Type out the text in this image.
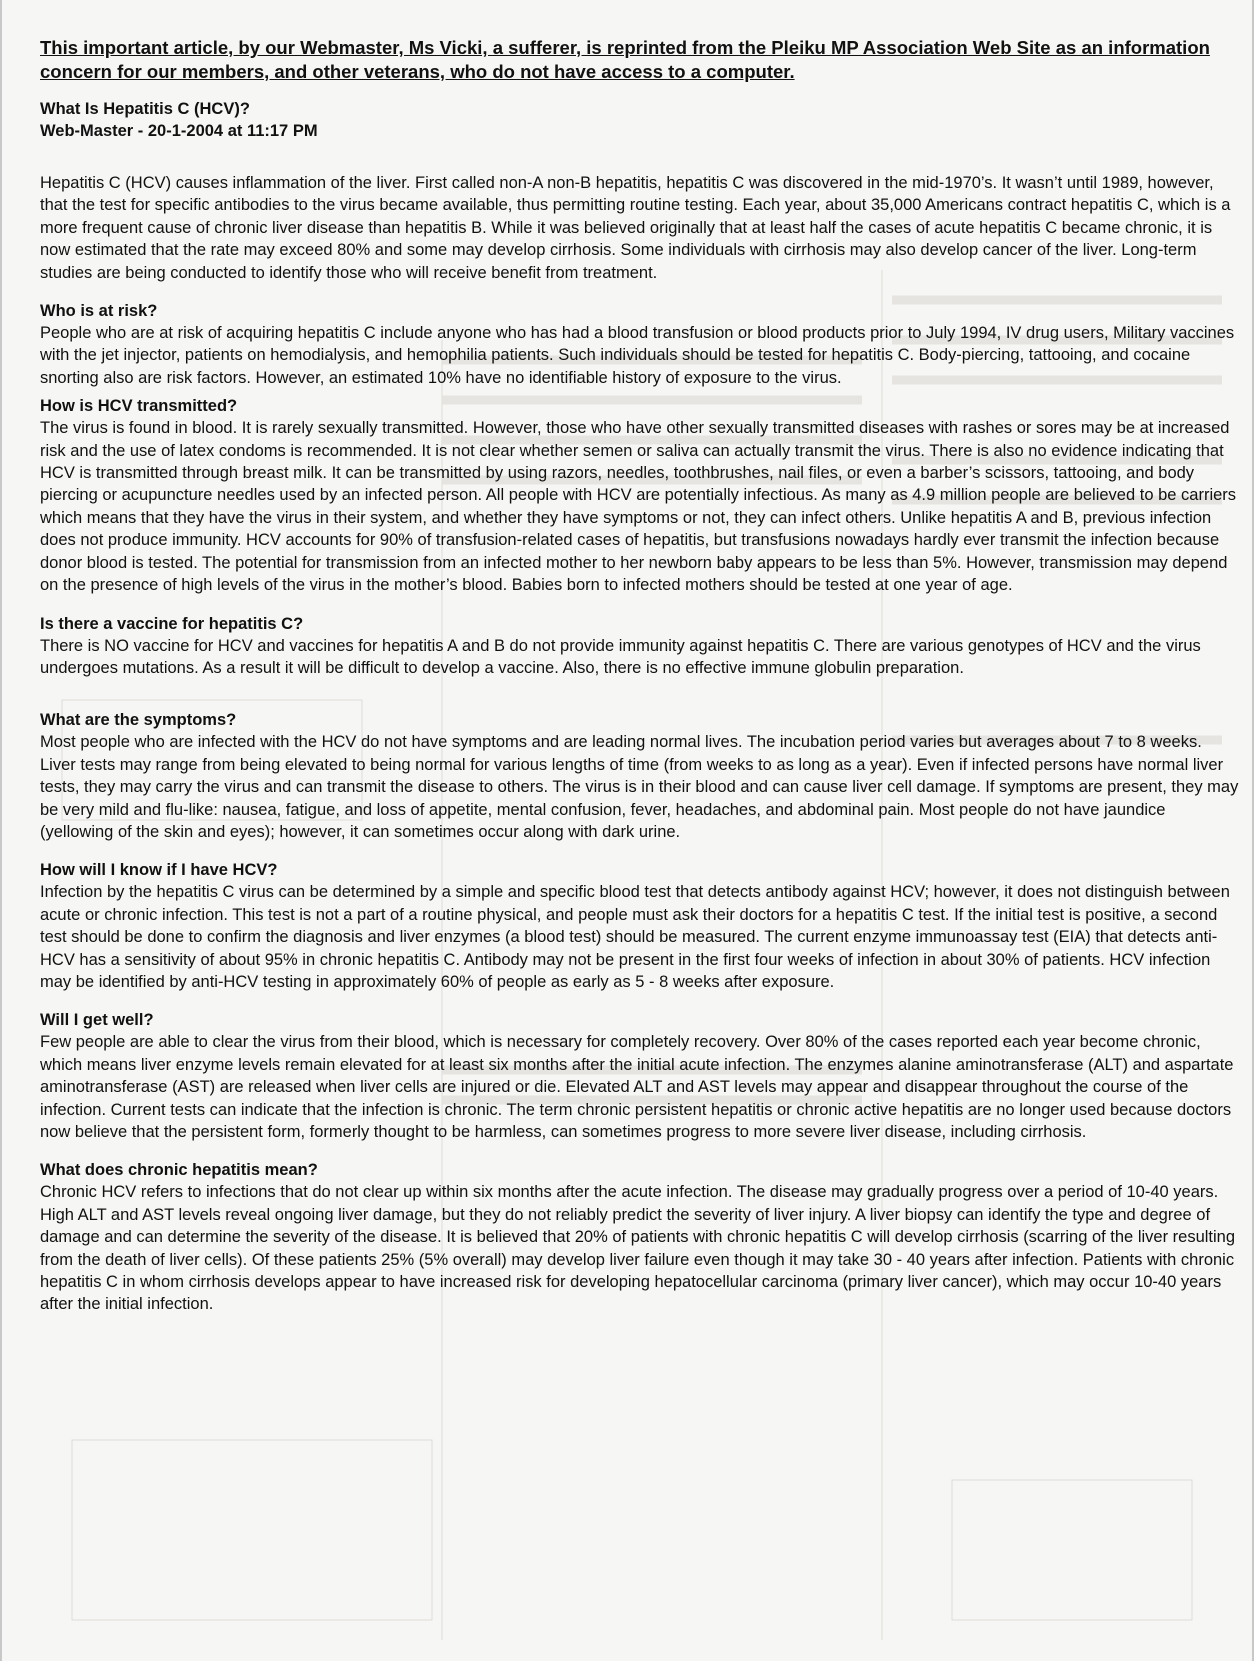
This important article, by our Webmaster, Ms Vicki, a sufferer, is reprinted from the Pleiku MP Association Web Site as an information concern for our members, and other veterans, who do not have access to a computer.

What Is Hepatitis C (HCV)?

Web-Master - 20-1-2004 at 11:17 PM

Hepatitis C (HCV) causes inflammation of the liver. First called non-A non-B hepatitis, hepatitis C was discovered in the mid-1970’s. It wasn’t until 1989, however, that the test for specific antibodies to the virus became available, thus permitting routine testing. Each year, about 35,000 Americans contract hepatitis C, which is a more frequent cause of chronic liver disease than hepatitis B. While it was believed originally that at least half the cases of acute hepatitis C became chronic, it is now estimated that the rate may exceed 80% and some may develop cirrhosis. Some individuals with cirrhosis may also develop cancer of the liver. Long-term studies are being conducted to identify those who will receive benefit from treatment.

Who is at risk?

People who are at risk of acquiring hepatitis C include anyone who has had a blood transfusion or blood products prior to July 1994, IV drug users, Military vaccines with the jet injector, patients on hemodialysis, and hemophilia patients. Such individuals should be tested for hepatitis C. Body-piercing, tattooing, and cocaine snorting also are risk factors. However, an estimated 10% have no identifiable history of exposure to the virus.

How is HCV transmitted?

The virus is found in blood. It is rarely sexually transmitted. However, those who have other sexually transmitted diseases with rashes or sores may be at increased risk and the use of latex condoms is recommended. It is not clear whether semen or saliva can actually transmit the virus. There is also no evidence indicating that HCV is transmitted through breast milk. It can be transmitted by using razors, needles, toothbrushes, nail files, or even a barber’s scissors, tattooing, and body piercing or acupuncture needles used by an infected person. All people with HCV are potentially infectious. As many as 4.9 million people are believed to be carriers which means that they have the virus in their system, and whether they have symptoms or not, they can infect others. Unlike hepatitis A and B, previous infection does not produce immunity. HCV accounts for 90% of transfusion-related cases of hepatitis, but transfusions nowadays hardly ever transmit the infection because donor blood is tested. The potential for transmission from an infected mother to her newborn baby appears to be less than 5%. However, transmission may depend on the presence of high levels of the virus in the mother’s blood. Babies born to infected mothers should be tested at one year of age.

Is there a vaccine for hepatitis C?

There is NO vaccine for HCV and vaccines for hepatitis A and B do not provide immunity against hepatitis C. There are various genotypes of HCV and the virus undergoes mutations. As a result it will be difficult to develop a vaccine. Also, there is no effective immune globulin preparation.

What are the symptoms?

Most people who are infected with the HCV do not have symptoms and are leading normal lives. The incubation period varies but averages about 7 to 8 weeks. Liver tests may range from being elevated to being normal for various lengths of time (from weeks to as long as a year). Even if infected persons have normal liver tests, they may carry the virus and can transmit the disease to others. The virus is in their blood and can cause liver cell damage. If symptoms are present, they may be very mild and flu-like: nausea, fatigue, and loss of appetite, mental confusion, fever, headaches, and abdominal pain. Most people do not have jaundice (yellowing of the skin and eyes); however, it can sometimes occur along with dark urine.

How will I know if I have HCV?

Infection by the hepatitis C virus can be determined by a simple and specific blood test that detects antibody against HCV; however, it does not distinguish between acute or chronic infection. This test is not a part of a routine physical, and people must ask their doctors for a hepatitis C test. If the initial test is positive, a second test should be done to confirm the diagnosis and liver enzymes (a blood test) should be measured. The current enzyme immunoassay test (EIA) that detects anti-HCV has a sensitivity of about 95% in chronic hepatitis C. Antibody may not be present in the first four weeks of infection in about 30% of patients. HCV infection may be identified by anti-HCV testing in approximately 60% of people as early as 5 - 8 weeks after exposure.

Will I get well?

Few people are able to clear the virus from their blood, which is necessary for completely recovery. Over 80% of the cases reported each year become chronic, which means liver enzyme levels remain elevated for at least six months after the initial acute infection. The enzymes alanine aminotransferase (ALT) and aspartate aminotransferase (AST) are released when liver cells are injured or die. Elevated ALT and AST levels may appear and disappear throughout the course of the infection. Current tests can indicate that the infection is chronic. The term chronic persistent hepatitis or chronic active hepatitis are no longer used because doctors now believe that the persistent form, formerly thought to be harmless, can sometimes progress to more severe liver disease, including cirrhosis.

What does chronic hepatitis mean?

Chronic HCV refers to infections that do not clear up within six months after the acute infection. The disease may gradually progress over a period of 10-40 years. High ALT and AST levels reveal ongoing liver damage, but they do not reliably predict the severity of liver injury. A liver biopsy can identify the type and degree of damage and can determine the severity of the disease. It is believed that 20% of patients with chronic hepatitis C will develop cirrhosis (scarring of the liver resulting from the death of liver cells). Of these patients 25% (5% overall) may develop liver failure even though it may take 30 - 40 years after infection. Patients with chronic hepatitis C in whom cirrhosis develops appear to have increased risk for developing hepatocellular carcinoma (primary liver cancer), which may occur 10-40 years after the initial infection.
